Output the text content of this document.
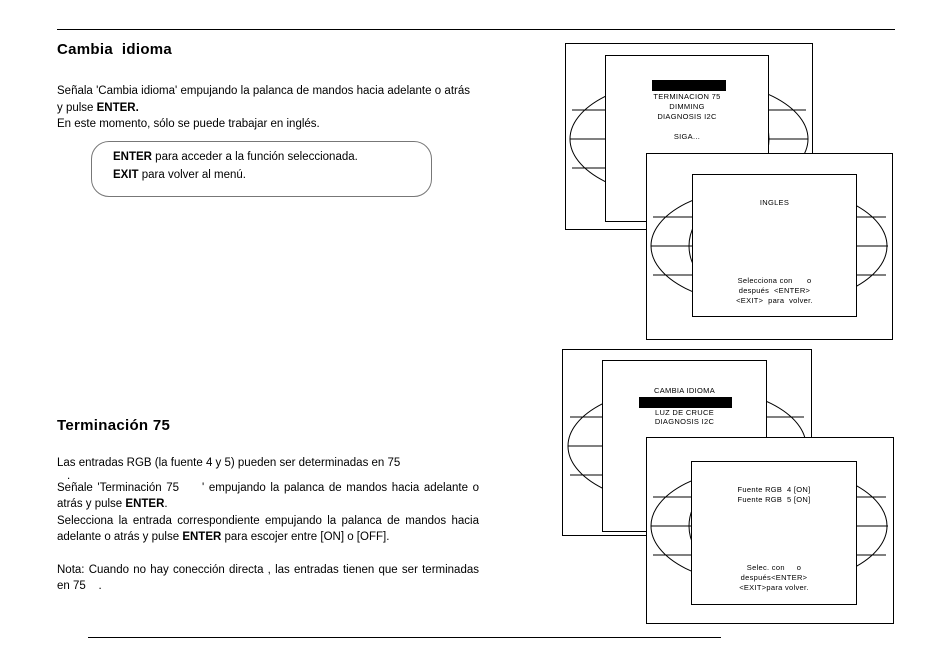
Cambia  idioma

Señala 'Cambia idioma' empujando la palanca de mandos hacia adelante o atrás y pulse ENTER.

En este momento, sólo se puede trabajar en inglés.

ENTER para acceder a la función seleccionada.
EXIT para volver al menú.
Terminación 75

Las entradas RGB (la fuente 4 y 5) pueden ser determinadas en 75

.

Señale 'Terminación 75     ' empujando la palanca de mandos hacia adelante o atrás y pulse ENTER.

Selecciona la entrada correspondiente empujando la palanca de mandos hacia adelante o atrás y pulse ENTER para escojer entre [ON] o [OFF].

Nota: Cuando no hay conección directa , las entradas tienen que ser terminadas en 75    .

TERMINACION 75
DIMMING
DIAGNOSIS I2C
SIGA...
INGLES
Selecciona con      o
después  <ENTER>
<EXIT>  para  volver.
CAMBIA IDIOMA
LUZ DE CRUCE
DIAGNOSIS I2C
Fuente RGB  4 [ON]
Fuente RGB  5 [ON]
Selec. con     o
después<ENTER>
<EXIT>para volver.
